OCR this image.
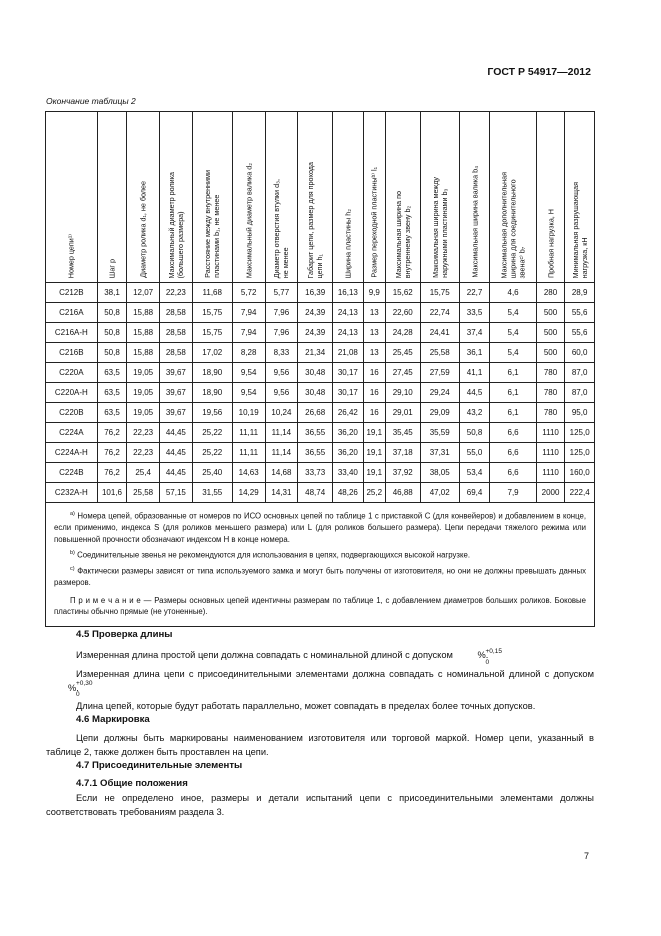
ГОСТ Р 54917—2012
Окончание таблицы 2
Номер цепи¹⁾	Шаг p	Диаметр ролика d₁, не более	Максимальный диаметр ролика
(большего размера)	Расстояние между внутренними
пластинами b₁, не менее	Максимальный диаметр валика d₂	Диаметр отверстия втулки d₃,
не менее	Габарит цепи, размер для прохода
цепи h₁	Ширина пластины h₂	Размер переходной пластиныᵇ⁾ l₁	Максимальная ширина по
внутреннему звену b₂	Максимальная ширина между
наружными пластинами b₃	Максимальная ширина валика b₄	Максимальная дополнительная
ширина для соединительного
звенаᶜ⁾ b₇	Пробная нагрузка, Н	Минимальная разрушающая
нагрузка, кН

C212B	38,1	12,07	22,23	11,68	5,72	5,77	16,39	16,13	9,9	15,62	15,75	22,7	4,6	280	28,9
C216A	50,8	15,88	28,58	15,75	7,94	7,96	24,39	24,13	13	22,60	22,74	33,5	5,4	500	55,6
C216A-H	50,8	15,88	28,58	15,75	7,94	7,96	24,39	24,13	13	24,28	24,41	37,4	5,4	500	55,6
C216B	50,8	15,88	28,58	17,02	8,28	8,33	21,34	21,08	13	25,45	25,58	36,1	5,4	500	60,0
C220A	63,5	19,05	39,67	18,90	9,54	9,56	30,48	30,17	16	27,45	27,59	41,1	6,1	780	87,0
C220A-H	63,5	19,05	39,67	18,90	9,54	9,56	30,48	30,17	16	29,10	29,24	44,5	6,1	780	87,0
C220B	63,5	19,05	39,67	19,56	10,19	10,24	26,68	26,42	16	29,01	29,09	43,2	6,1	780	95,0
C224A	76,2	22,23	44,45	25,22	11,11	11,14	36,55	36,20	19,1	35,45	35,59	50,8	6,6	1110	125,0
C224A-H	76,2	22,23	44,45	25,22	11,11	11,14	36,55	36,20	19,1	37,18	37,31	55,0	6,6	1110	125,0
C224B	76,2	25,4	44,45	25,40	14,63	14,68	33,73	33,40	19,1	37,92	38,05	53,4	6,6	1110	160,0
C232A-H	101,6	25,58	57,15	31,55	14,29	14,31	48,74	48,26	25,2	46,88	47,02	69,4	7,9	2000	222,4

$^{a)}$ Номера цепей, образованные от номеров по ИСО основных цепей по таблице 1 с приставкой С (для конвейеров) и добавлением в конце, если применимо, индекса S (для роликов меньшего размера) или L (для роликов большего размера). Цепи передачи тяжелого режима или повышенной прочности обозначают индексом H в конце номера.

$^{b)}$ Соединительные звенья не рекомендуются для использования в цепях, подвергающихся высокой нагрузке.

$^{c)}$ Фактически размеры зависят от типа используемого замка и могут быть получены от изготовителя, но они не должны превышать данных размеров.

П р и м е ч а н и е — Размеры основных цепей идентичны размерам по таблице 1, с добавлением диаметров больших роликов. Боковые пластины обычно прямые (не утоненные).

4.5 Проверка длины

Измеренная длина простой цепи должна совпадать с номинальной длиной с допуском	+0,15
0
%.

Измеренная длина цепи с присоединительными элементами должна совпадать с номинальной длиной с допуском
+0,30
0
%.

Длина цепей, которые будут работать параллельно, может совпадать в пределах более точных допусков.

4.6 Маркировка

Цепи должны быть маркированы наименованием изготовителя или торговой маркой. Номер цепи, указанный в таблице 2, также должен быть проставлен на цепи.

4.7 Присоединительные элементы
4.7.1 Общие положения

Если не определено иное, размеры и детали испытаний цепи с присоединительными элементами должны соответствовать требованиям раздела 3.

7
